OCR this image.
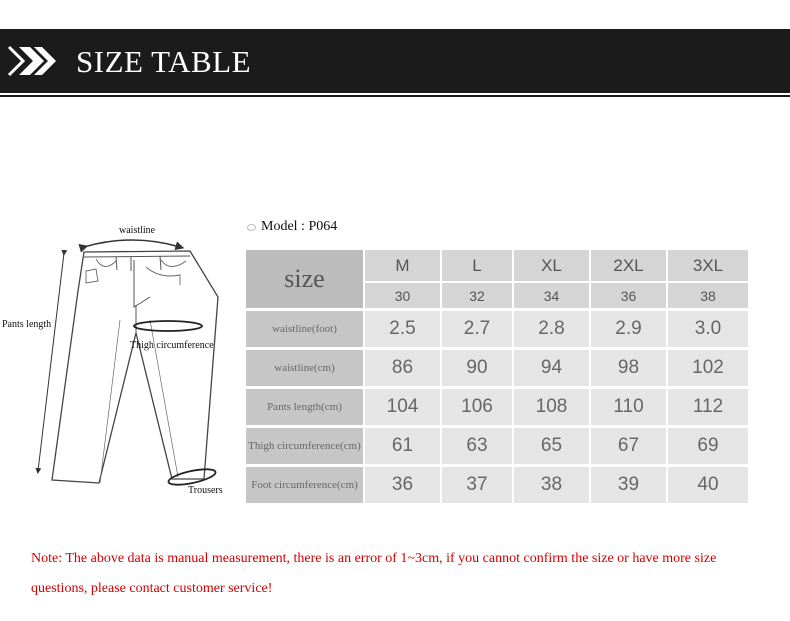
SIZE TABLE
waistline
Pants length
Thigh circumference
Trousers
Model : P064
size	M	L	XL	2XL	3XL
30	32	34	36	38
waistline(foot)	2.5	2.7	2.8	2.9	3.0
waistline(cm)	86	90	94	98	102
Pants length(cm)	104	106	108	110	112
Thigh circumference(cm)	61	63	65	67	69
Foot circumference(cm)	36	37	38	39	40
Note: The above data is manual measurement, there is an error of 1~3cm, if you cannot confirm the size or have more size questions, please contact customer service!
